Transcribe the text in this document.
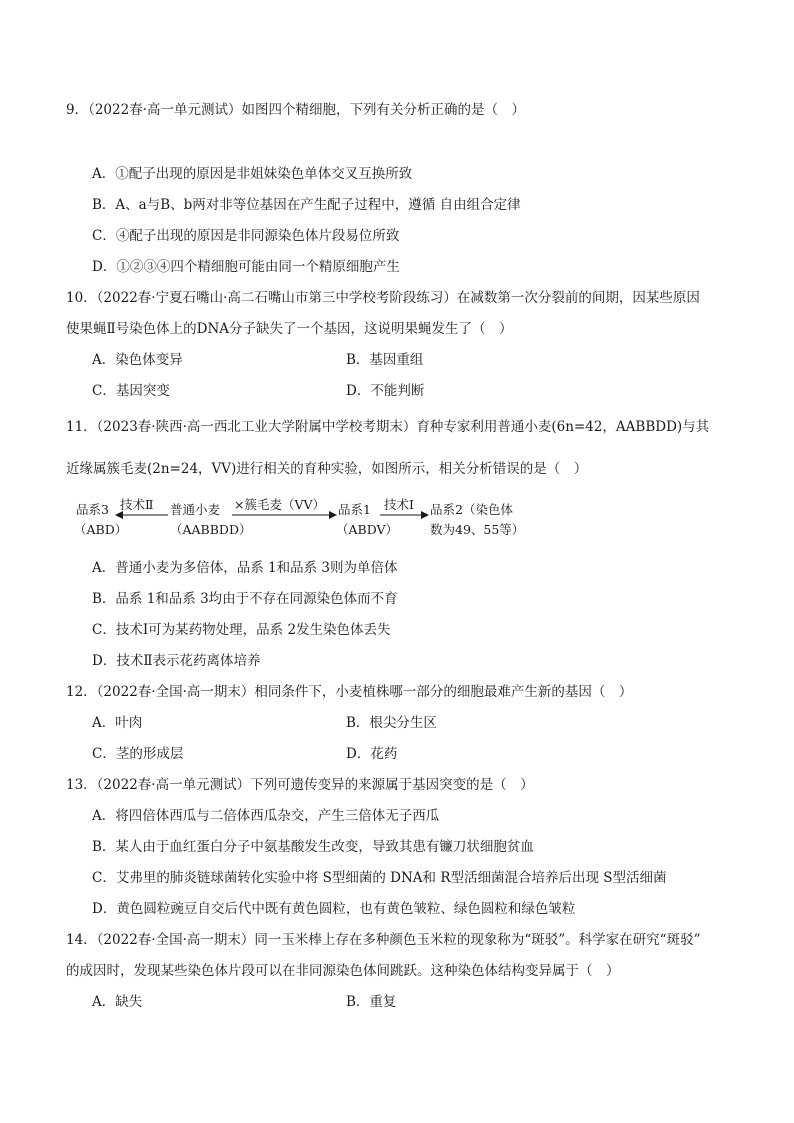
9．（2022春·高一单元测试）如图四个精细胞，下列有关分析正确的是（　）
A．①配子出现的原因是非姐妹染色单体交叉互换所致
B．A、a与B、b两对非等位基因在产生配子过程中，遵循 自由组合定律
C．④配子出现的原因是非同源染色体片段易位所致
D．①②③④四个精细胞可能由同一个精原细胞产生
10．（2022春·宁夏石嘴山·高二石嘴山市第三中学校考阶段练习）在减数第一次分裂前的间期，因某些原因
使果蝇Ⅱ号染色体上的DNA分子缺失了一个基因，这说明果蝇发生了（　）
A．染色体变异	B．基因重组
C．基因突变	D．不能判断
11．（2023春·陕西·高一西北工业大学附属中学校考期末）育种专家利用普通小麦(6n=42，AABBDD)与其
近缘属簇毛麦(2n=24，VV)进行相关的育种实验，如图所示，相关分析错误的是（　）
品系3
（ABD）
技术Ⅱ 普通小麦
（AABBDD）
×簇毛麦（VV） 品系1
（ABDV）
技术Ⅰ 品系2（染色体
数为49、55等）
A．普通小麦为多倍体，品系 1和品系 3则为单倍体
B．品系 1和品系 3均由于不存在同源染色体而不育
C．技术Ⅰ可为某药物处理，品系 2发生染色体丢失
D．技术Ⅱ表示花药离体培养
12．（2022春·全国·高一期末）相同条件下，小麦植株哪一部分的细胞最难产生新的基因（　）
A．叶肉	B．根尖分生区
C．茎的形成层	D．花药
13．（2022春·高一单元测试）下列可遗传变异的来源属于基因突变的是（　）
A．将四倍体西瓜与二倍体西瓜杂交，产生三倍体无子西瓜
B．某人由于血红蛋白分子中氨基酸发生改变，导致其患有镰刀状细胞贫血
C．艾弗里的肺炎链球菌转化实验中将 S型细菌的 DNA和 R型活细菌混合培养后出现 S型活细菌
D．黄色圆粒豌豆自交后代中既有黄色圆粒，也有黄色皱粒、绿色圆粒和绿色皱粒
14．（2022春·全国·高一期末）同一玉米棒上存在多种颜色玉米粒的现象称为“斑驳”。科学家在研究“斑驳”
的成因时，发现某些染色体片段可以在非同源染色体间跳跃。这种染色体结构变异属于（　）
A．缺失	B．重复
